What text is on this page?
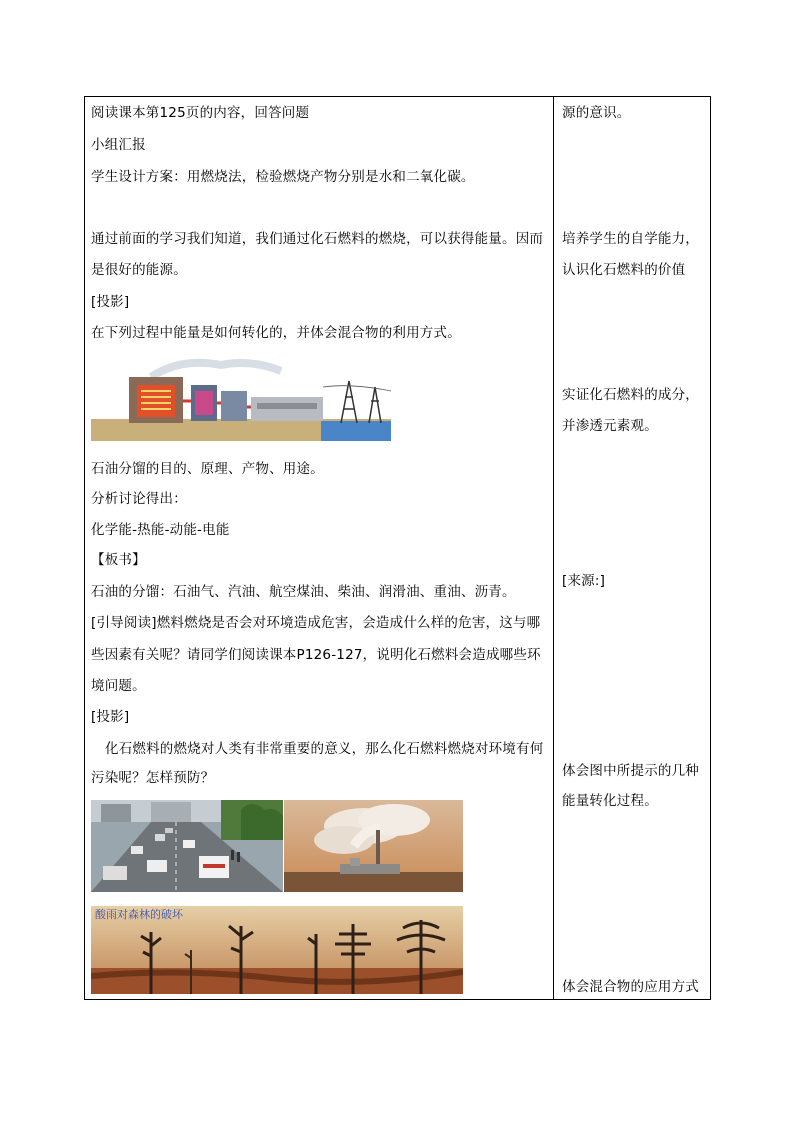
阅读课本第125页的内容，回答问题
小组汇报
学生设计方案：用燃烧法，检验燃烧产物分别是水和二氧化碳。
通过前面的学习我们知道，我们通过化石燃料的燃烧，可以获得能量。因而
是很好的能源。
[投影]
在下列过程中能量是如何转化的，并体会混合物的利用方式。
石油分馏的目的、原理、产物、用途。
分析讨论得出：
化学能-热能-动能-电能
【板书】
石油的分馏：石油气、汽油、航空煤油、柴油、润滑油、重油、沥青。
[引导阅读]燃料燃烧是否会对环境造成危害，会造成什么样的危害，这与哪
些因素有关呢？请同学们阅读课本P126-127，说明化石燃料会造成哪些环
境问题。
[投影]
化石燃料的燃烧对人类有非常重要的意义，那么化石燃料燃烧对环境有何
污染呢？怎样预防？
酸雨对森林的破坏
源的意识。
培养学生的自学能力，
认识化石燃料的价值
实证化石燃料的成分，
并渗透元素观。
[来源:]
体会图中所提示的几种
能量转化过程。
体会混合物的应用方式
